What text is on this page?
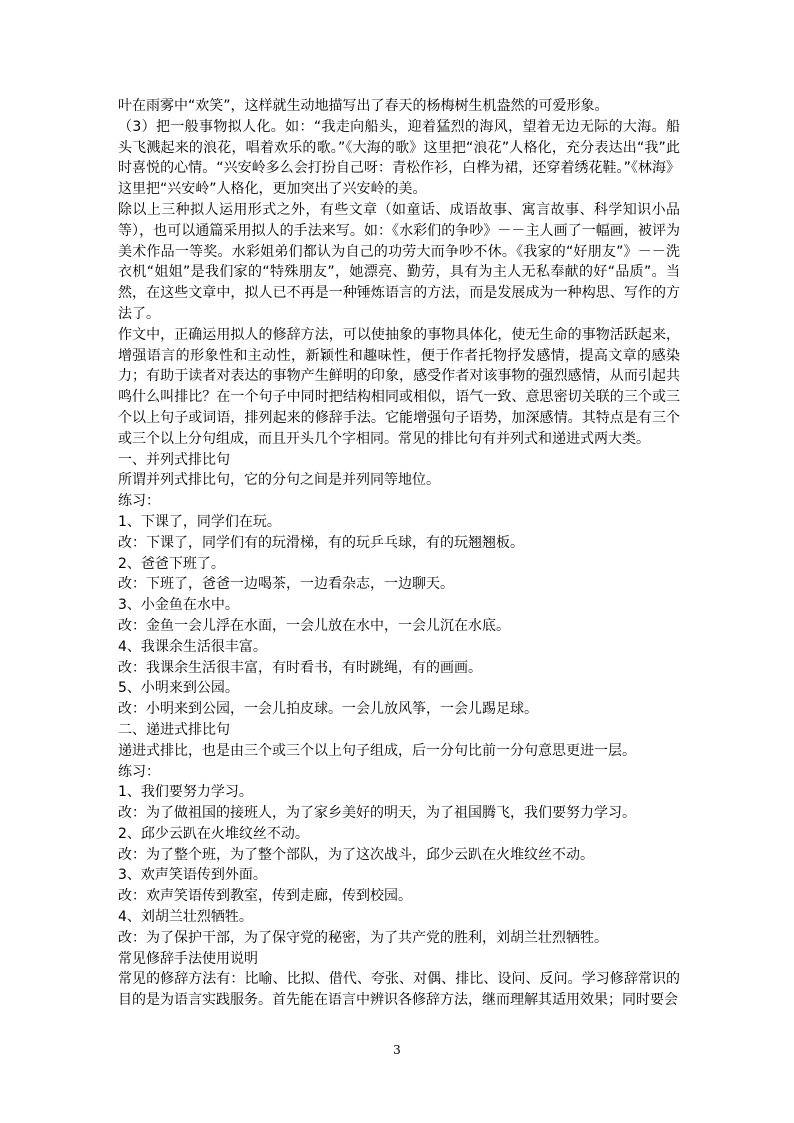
叶在雨雾中“欢笑”，这样就生动地描写出了春天的杨梅树生机盎然的可爱形象。

（3）把一般事物拟人化。如：“我走向船头，迎着猛烈的海风，望着无边无际的大海。船头飞溅起来的浪花，唱着欢乐的歌。”《大海的歌》这里把“浪花”人格化，充分表达出“我”此时喜悦的心情。“兴安岭多么会打扮自己呀：青松作衫，白桦为裙，还穿着绣花鞋。”《林海》这里把“兴安岭”人格化，更加突出了兴安岭的美。

除以上三种拟人运用形式之外，有些文章（如童话、成语故事、寓言故事、科学知识小品等），也可以通篇采用拟人的手法来写。如：《水彩们的争吵》－－主人画了一幅画，被评为美术作品一等奖。水彩姐弟们都认为自己的功劳大而争吵不休。《我家的“好朋友”》－－洗衣机“姐姐”是我们家的“特殊朋友”，她漂亮、勤劳，具有为主人无私奉献的好“品质”。当然，在这些文章中，拟人已不再是一种锤炼语言的方法，而是发展成为一种构思、写作的方法了。

作文中，正确运用拟人的修辞方法，可以使抽象的事物具体化，使无生命的事物活跃起来，增强语言的形象性和主动性，新颖性和趣味性，便于作者托物抒发感情，提高文章的感染力；有助于读者对表达的事物产生鲜明的印象，感受作者对该事物的强烈感情，从而引起共鸣什么叫排比？在一个句子中同时把结构相同或相似，语气一致、意思密切关联的三个或三个以上句子或词语，排列起来的修辞手法。它能增强句子语势，加深感情。其特点是有三个或三个以上分句组成，而且开头几个字相同。常见的排比句有并列式和递进式两大类。

一、并列式排比句

所谓并列式排比句，它的分句之间是并列同等地位。

练习：

1、下课了，同学们在玩。

改：下课了，同学们有的玩滑梯，有的玩乒乓球，有的玩翘翘板。

2、爸爸下班了。

改：下班了，爸爸一边喝茶，一边看杂志，一边聊天。

3、小金鱼在水中。

改：金鱼一会儿浮在水面，一会儿放在水中，一会儿沉在水底。

4、我课余生活很丰富。

改：我课余生活很丰富，有时看书，有时跳绳，有的画画。

5、小明来到公园。

改：小明来到公园，一会儿拍皮球。一会儿放风筝，一会儿踢足球。

二、递进式排比句

递进式排比，也是由三个或三个以上句子组成，后一分句比前一分句意思更进一层。

练习：

1、我们要努力学习。

改：为了做祖国的接班人，为了家乡美好的明天，为了祖国腾飞，我们要努力学习。

2、邱少云趴在火堆纹丝不动。

改：为了整个班，为了整个部队，为了这次战斗，邱少云趴在火堆纹丝不动。

3、欢声笑语传到外面。

改：欢声笑语传到教室，传到走廊，传到校园。

4、刘胡兰壮烈牺牲。

改：为了保护干部，为了保守党的秘密，为了共产党的胜利，刘胡兰壮烈牺牲。

常见修辞手法使用说明

常见的修辞方法有：比喻、比拟、借代、夸张、对偶、排比、设问、反问。学习修辞常识的目的是为语言实践服务。首先能在语言中辨识各修辞方法，继而理解其适用效果；同时要会

3
